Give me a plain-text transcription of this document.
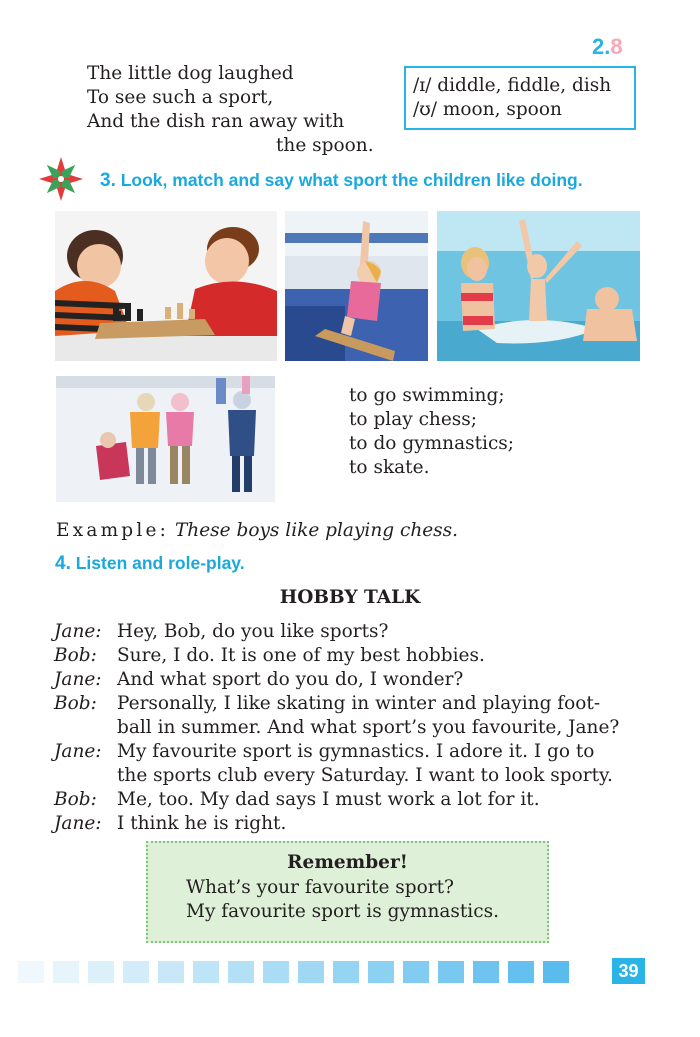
2.8
The little dog laughed
To see such a sport,
And the dish ran away with
the spoon.
/ɪ/ diddle, fiddle, dish
/ʊ/ moon, spoon
3. Look, match and say what sport the children like doing.
to go swimming;
to play chess;
to do gymnastics;
to skate.
Example: These boys like playing chess.
4. Listen and role-play.
HOBBY TALK
Jane: Hey, Bob, do you like sports?
Bob:	Sure, I do. It is one of my best hobbies.
Jane: And what sport do you do, I wonder?
Bob:	Personally, I like skating in winter and playing foot-
ball in summer. And what sport’s you favourite, Jane?
Jane: My favourite sport is gymnastics. I adore it. I go to
the sports club every Saturday. I want to look sporty.
Bob:	Me, too. My dad says I must work a lot for it.
Jane: I think he is right.
Remember!
What’s your favourite sport?
My favourite sport is gymnastics.
39
